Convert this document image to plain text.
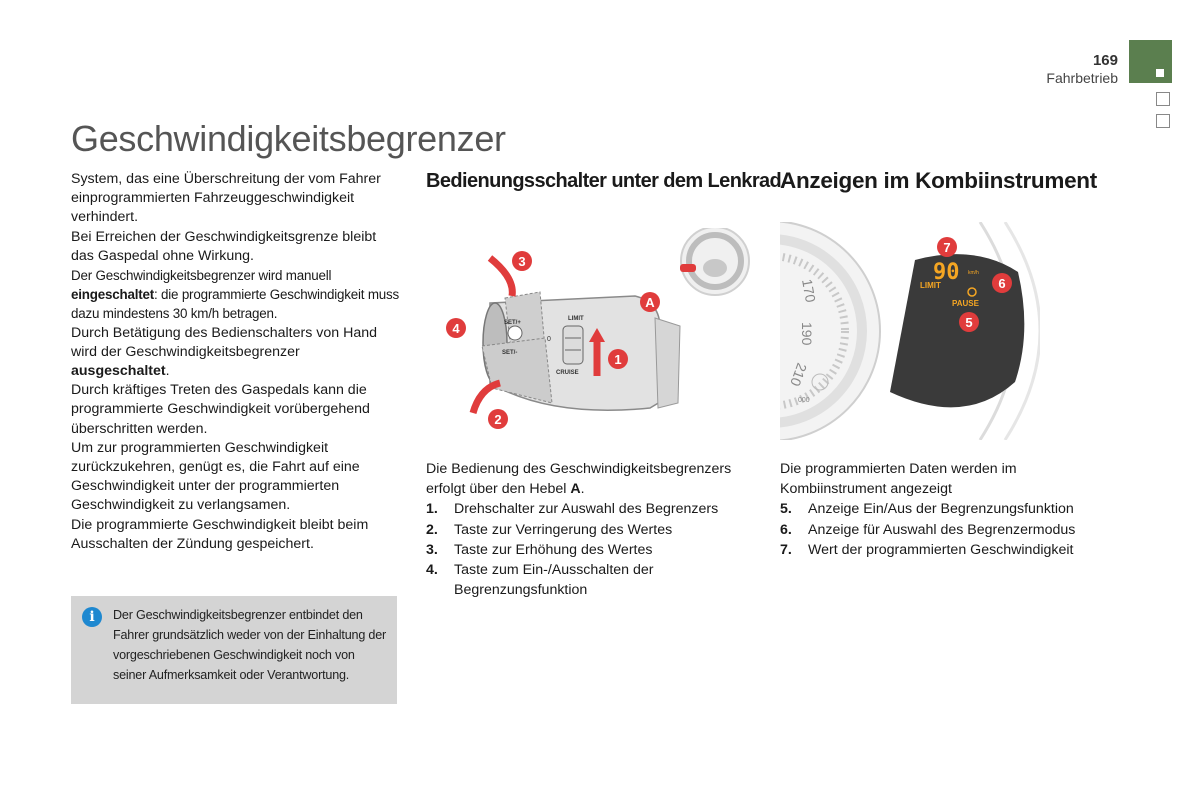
169
Fahrbetrieb
Geschwindigkeitsbegrenzer

System, das eine Überschreitung der vom Fahrer einprogrammierten Fahrzeuggeschwindigkeit verhindert.

Bei Erreichen der Geschwindigkeitsgrenze bleibt das Gaspedal ohne Wirkung.

Der Geschwindigkeitsbegrenzer wird manuell eingeschaltet: die programmierte Geschwindigkeit muss dazu mindestens 30 km/h betragen.

Durch Betätigung des Bedienschalters von Hand wird der Geschwindigkeitsbegrenzer ausgeschaltet.

Durch kräftiges Treten des Gaspedals kann die programmierte Geschwindigkeit vorübergehend überschritten werden.

Um zur programmierten Geschwindigkeit zurückzukehren, genügt es, die Fahrt auf eine Geschwindigkeit unter der programmierten Geschwindigkeit zu verlangsamen.

Die programmierte Geschwindigkeit bleibt beim Ausschalten der Zündung gespeichert.

i	Der Geschwindigkeitsbegrenzer entbindet den Fahrer grundsätzlich weder von der Einhaltung der vorgeschriebenen Geschwindigkeit noch von seiner Aufmerksamkeit oder Verantwortung.
Bedienungsschalter unter dem Lenkrad
SET/+
SET/-
LIMIT
CRUISE
0
A
1
2
3
4
Die Bedienung des Geschwindigkeitsbegrenzers erfolgt über den Hebel A.
1. Drehschalter zur Auswahl des Begrenzers
2. Taste zur Verringerung des Wertes
3. Taste zur Erhöhung des Wertes
4. Taste zum Ein-/Ausschalten der Begrenzungsfunktion
Anzeigen im Kombiinstrument
170
190
210
000
90 km/h
LIMIT
PAUSE
7
6
5
Die programmierten Daten werden im Kombiinstrument angezeigt
5. Anzeige Ein/Aus der Begrenzungsfunktion
6. Anzeige für Auswahl des Begrenzermodus
7. Wert der programmierten Geschwindigkeit
